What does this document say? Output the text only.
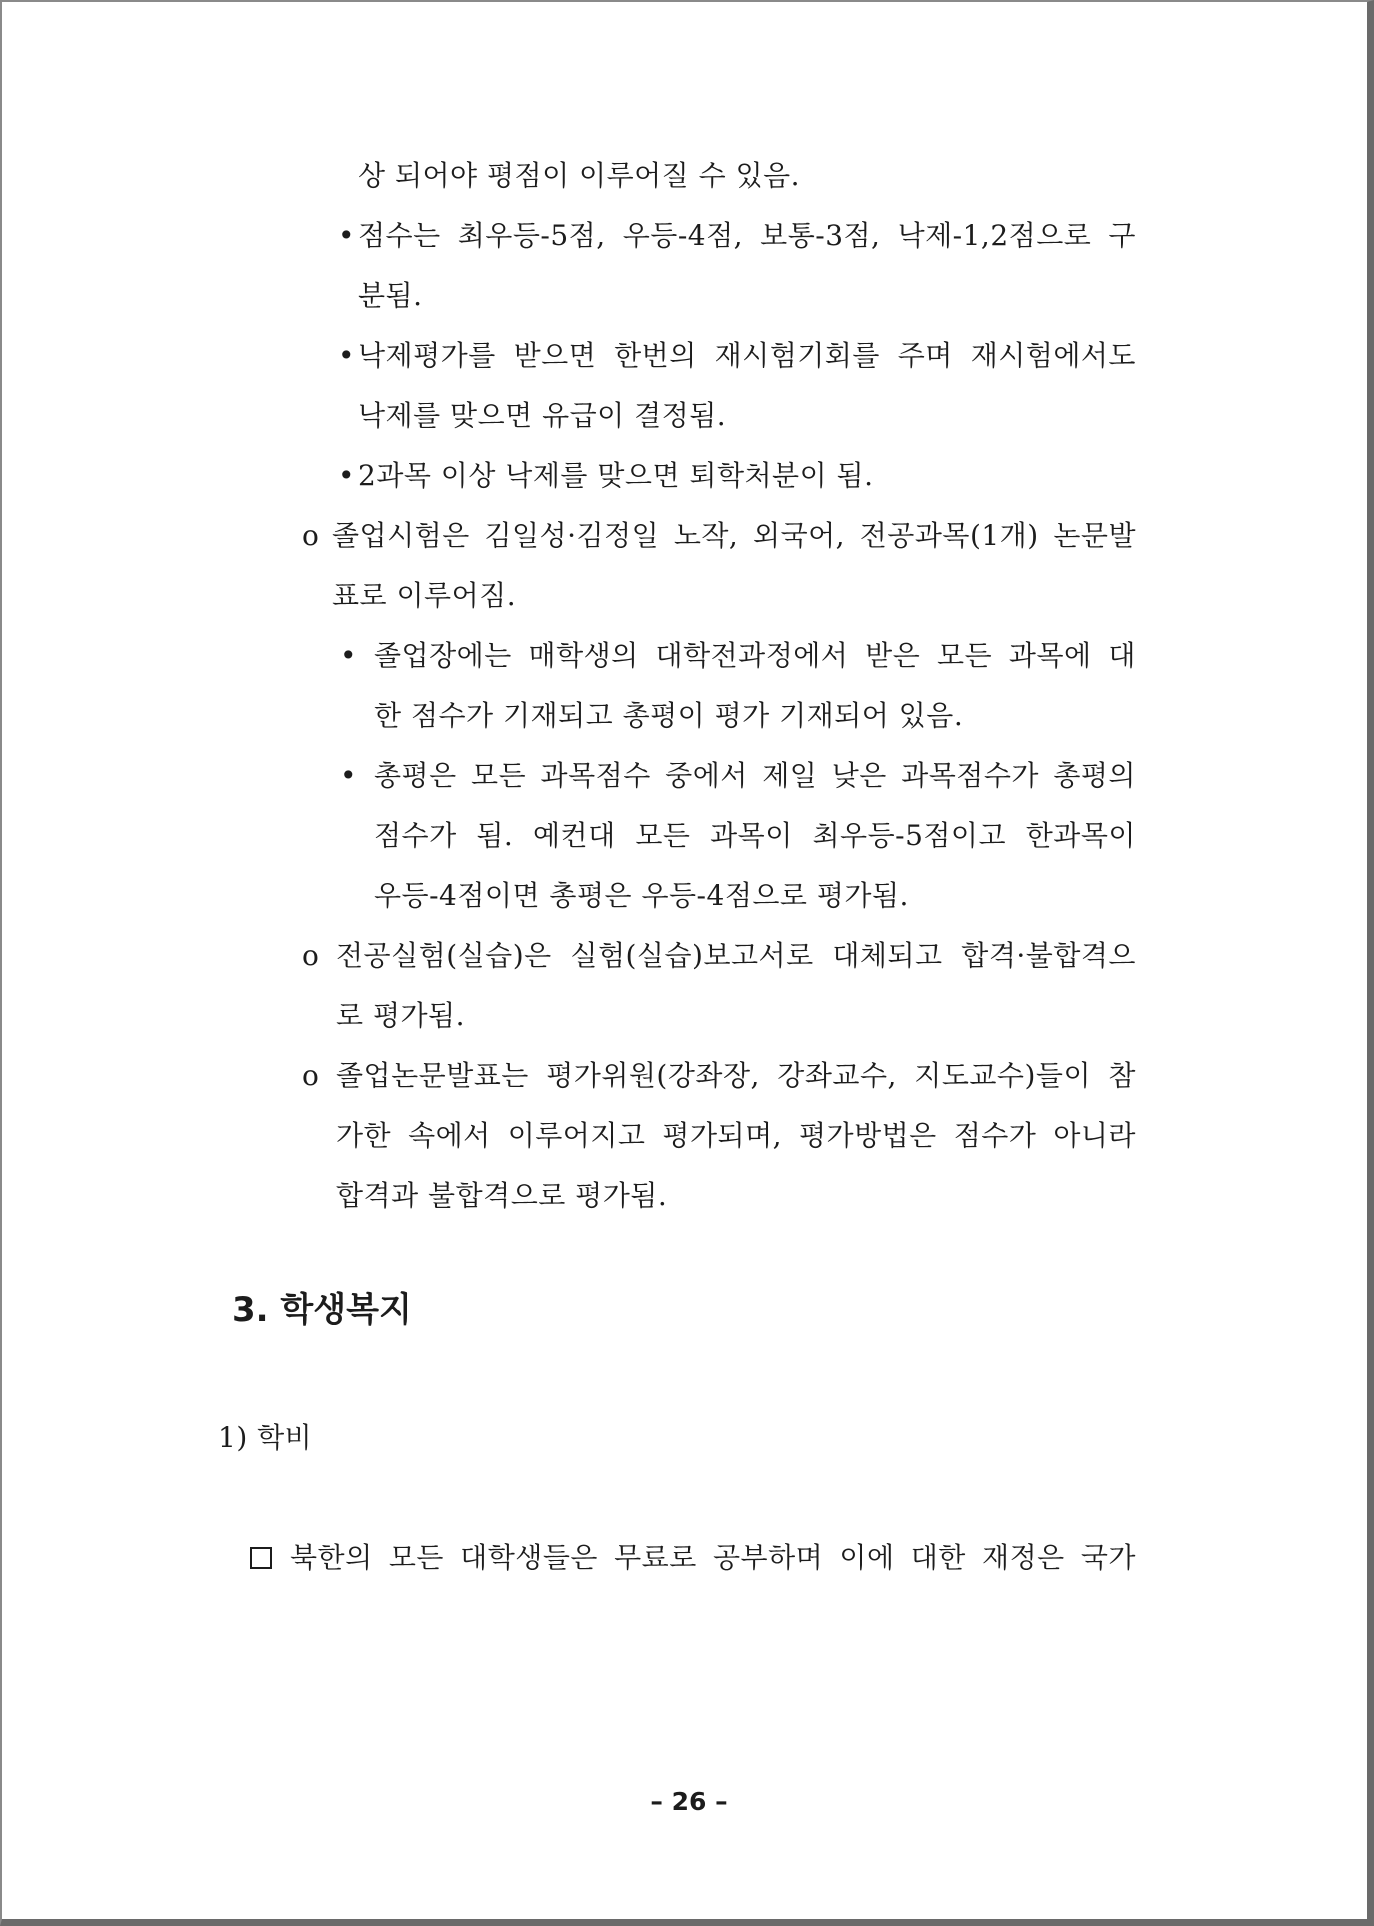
상 되어야 평점이 이루어질 수 있음.
• 점수는 최우등-5점, 우등-4점, 보통-3점, 낙제-1,2점으로 구
분됨.
• 낙제평가를 받으면 한번의 재시험기회를 주며 재시험에서도
낙제를 맞으면 유급이 결정됨.
• 2과목 이상 낙제를 맞으면 퇴학처분이 됨.
o 졸업시험은 김일성·김정일 노작, 외국어, 전공과목(1개) 논문발
표로 이루어짐.
• 졸업장에는 매학생의 대학전과정에서 받은 모든 과목에 대
한 점수가 기재되고 총평이 평가 기재되어 있음.
• 총평은 모든 과목점수 중에서 제일 낮은 과목점수가 총평의
점수가 됨. 예컨대 모든 과목이 최우등-5점이고 한과목이
우등-4점이면 총평은 우등-4점으로 평가됨.
o 전공실험(실습)은 실험(실습)보고서로 대체되고 합격·불합격으
로 평가됨.
o 졸업논문발표는 평가위원(강좌장, 강좌교수, 지도교수)들이 참
가한 속에서 이루어지고 평가되며, 평가방법은 점수가 아니라
합격과 불합격으로 평가됨.
3. 학생복지
1) 학비
북한의 모든 대학생들은 무료로 공부하며 이에 대한 재정은 국가
– 26 –
